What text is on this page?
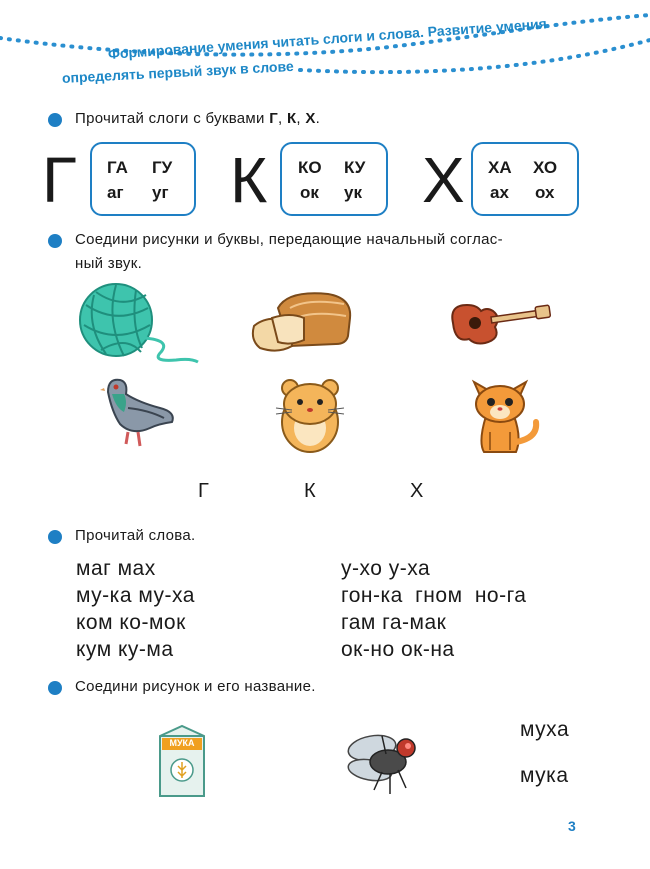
Формирование умения читать слоги и слова. Развитие умения
определять первый звук в слове
Прочитай слоги с буквами Г, К, Х.
Г ГА ГУ
аг уг К КО КУ
ок ук Х ХА ХО
ах ох
Соедини рисунки и буквы, передающие начальный соглас-
ный звук.
Г	К	Х
Прочитай слова.
маг мах
му-ка му-ха
ком ко-мок
кум ку-ма
у-хо у-ха
гон-ка гном но-га
гам га-мак
ок-но ок-на
Соедини рисунок и его название.
МУКА
муха
мука
3
